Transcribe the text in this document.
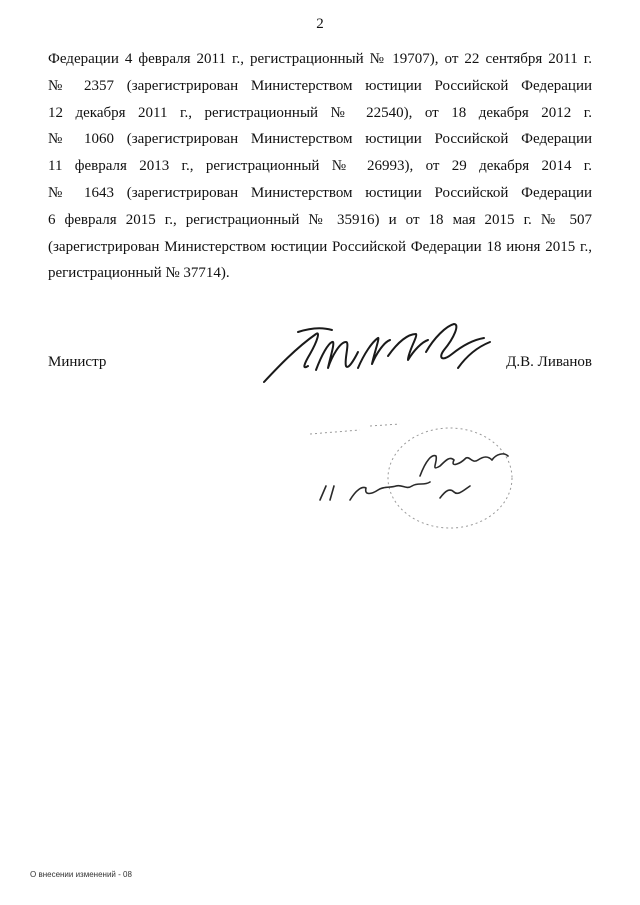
2
Федерации 4 февраля 2011 г., регистрационный № 19707), от 22 сентября 2011 г.
№ 2357 (зарегистрирован Министерством юстиции Российской Федерации
12 декабря 2011 г., регистрационный № 22540), от 18 декабря 2012 г.
№ 1060 (зарегистрирован Министерством юстиции Российской Федерации
11 февраля 2013 г., регистрационный № 26993), от 29 декабря 2014 г.
№ 1643 (зарегистрирован Министерством юстиции Российской Федерации
6 февраля 2015 г., регистрационный № 35916) и от 18 мая 2015 г. № 507
(зарегистрирован Министерством юстиции Российской Федерации 18 июня 2015 г.,
регистрационный № 37714).
Министр	Д.В. Ливанов
О внесении изменений - 08
